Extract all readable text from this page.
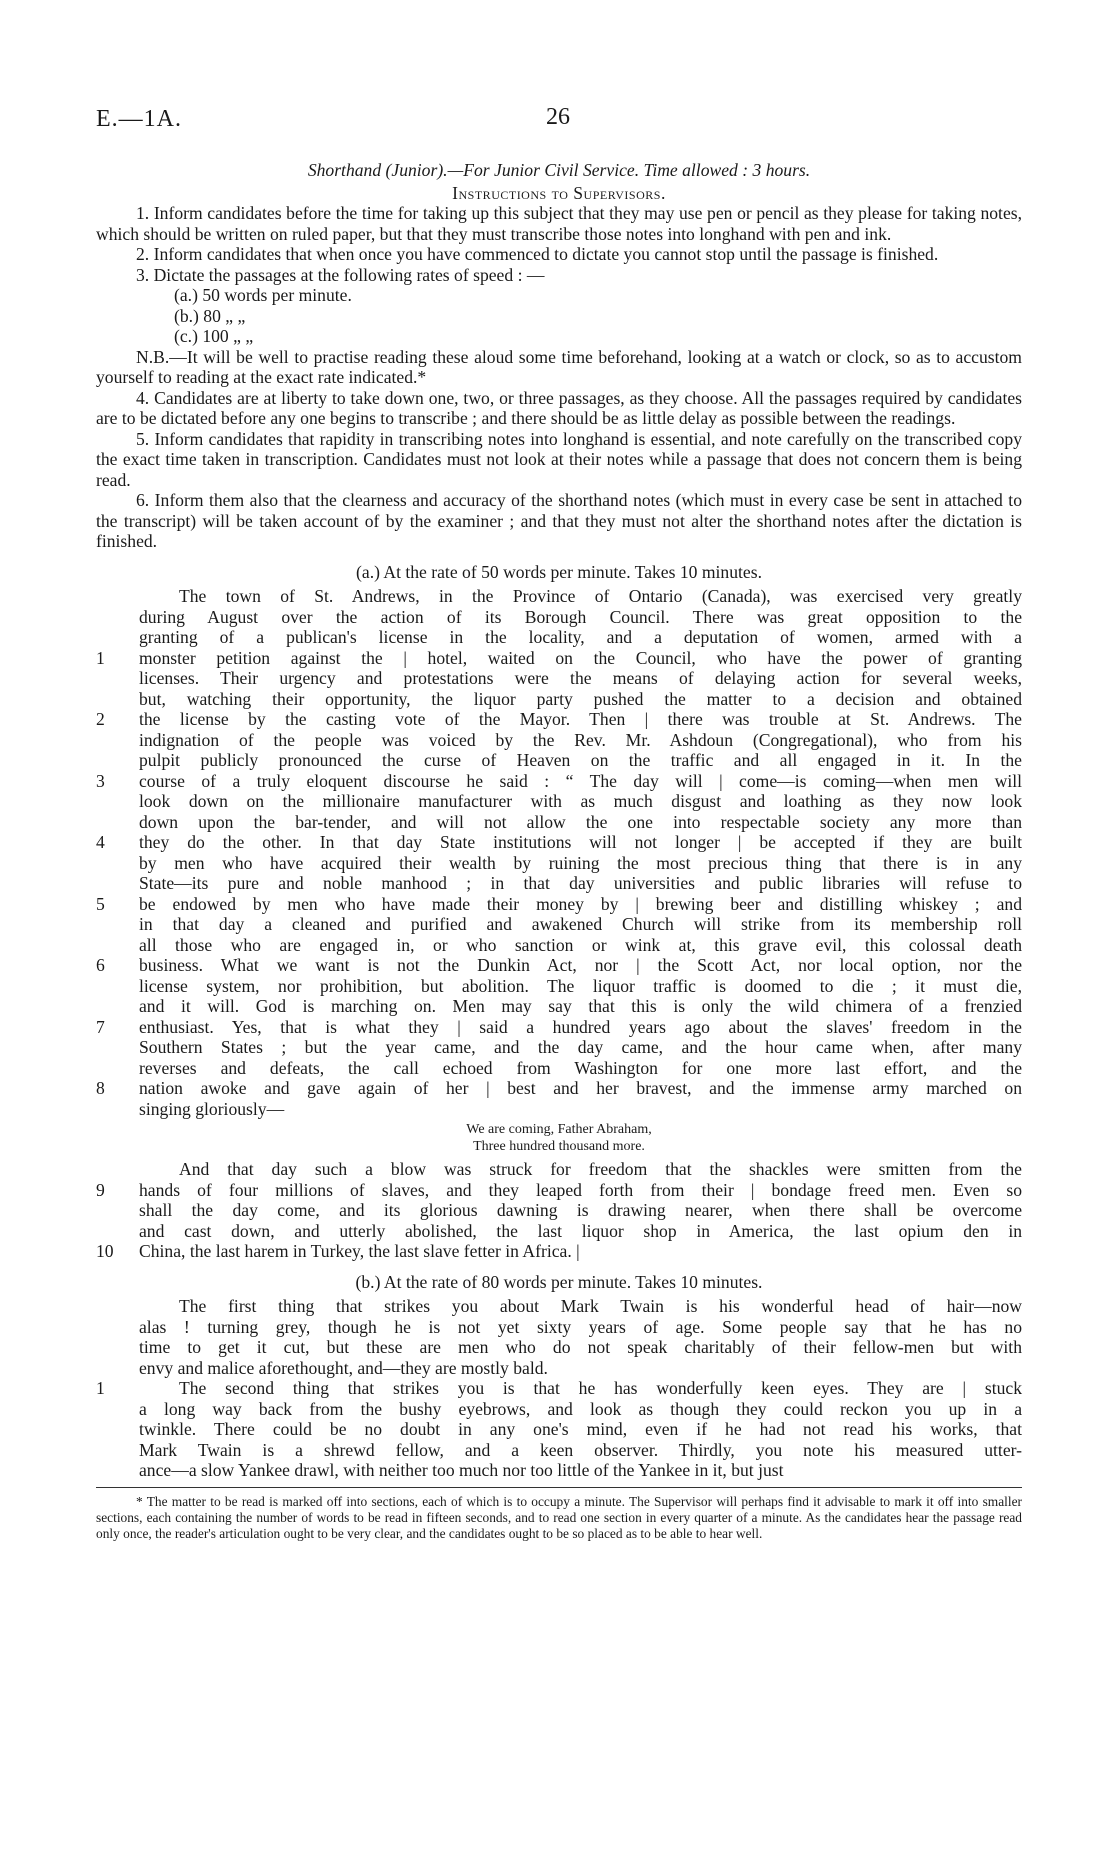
E.—1A.	26

Shorthand (Junior).—For Junior Civil Service. Time allowed : 3 hours.

Instructions to Supervisors.

1. Inform candidates before the time for taking up this subject that they may use pen or pencil as they please for taking notes, which should be written on ruled paper, but that they must transcribe those notes into longhand with pen and ink.

2. Inform candidates that when once you have commenced to dictate you cannot stop until the passage is finished.

3. Dictate the passages at the following rates of speed : —

(a.) 50 words per minute.

(b.) 80 „ „

(c.) 100 „ „

N.B.—It will be well to practise reading these aloud some time beforehand, looking at a watch or clock, so as to accustom yourself to reading at the exact rate indicated.*

4. Candidates are at liberty to take down one, two, or three passages, as they choose. All the passages required by candidates are to be dictated before any one begins to transcribe ; and there should be as little delay as possible between the readings.

5. Inform candidates that rapidity in transcribing notes into longhand is essential, and note carefully on the transcribed copy the exact time taken in transcription. Candidates must not look at their notes while a passage that does not concern them is being read.

6. Inform them also that the clearness and accuracy of the shorthand notes (which must in every case be sent in attached to the transcript) will be taken account of by the examiner ; and that they must not alter the shorthand notes after the dictation is finished.

(a.) At the rate of 50 words per minute. Takes 10 minutes.

The town of St. Andrews, in the Province of Ontario (Canada), was exercised very greatly
during August over the action of its Borough Council. There was great opposition to the
granting of a publican's license in the locality, and a deputation of women, armed with a
1	monster petition against the | hotel, waited on the Council, who have the power of granting
licenses. Their urgency and protestations were the means of delaying action for several weeks,
but, watching their opportunity, the liquor party pushed the matter to a decision and obtained
2	the license by the casting vote of the Mayor. Then | there was trouble at St. Andrews. The
indignation of the people was voiced by the Rev. Mr. Ashdoun (Congregational), who from his
pulpit publicly pronounced the curse of Heaven on the traffic and all engaged in it. In the
3	course of a truly eloquent discourse he said : “ The day will | come—is coming—when men will
look down on the millionaire manufacturer with as much disgust and loathing as they now look
down upon the bar-tender, and will not allow the one into respectable society any more than
4	they do the other. In that day State institutions will not longer | be accepted if they are built
by men who have acquired their wealth by ruining the most precious thing that there is in any
State—its pure and noble manhood ; in that day universities and public libraries will refuse to
5	be endowed by men who have made their money by | brewing beer and distilling whiskey ; and
in that day a cleaned and purified and awakened Church will strike from its membership roll
all those who are engaged in, or who sanction or wink at, this grave evil, this colossal death
6	business. What we want is not the Dunkin Act, nor | the Scott Act, nor local option, nor the
license system, nor prohibition, but abolition. The liquor traffic is doomed to die ; it must die,
and it will. God is marching on. Men may say that this is only the wild chimera of a frenzied
7	enthusiast. Yes, that is what they | said a hundred years ago about the slaves' freedom in the
Southern States ; but the year came, and the day came, and the hour came when, after many
reverses and defeats, the call echoed from Washington for one more last effort, and the
8	nation awoke and gave again of her | best and her bravest, and the immense army marched on
singing gloriously—
We are coming, Father Abraham,
Three hundred thousand more.
And that day such a blow was struck for freedom that the shackles were smitten from the
9	hands of four millions of slaves, and they leaped forth from their | bondage freed men. Even so
shall the day come, and its glorious dawning is drawing nearer, when there shall be overcome
and cast down, and utterly abolished, the last liquor shop in America, the last opium den in
10 China, the last harem in Turkey, the last slave fetter in Africa. |

(b.) At the rate of 80 words per minute. Takes 10 minutes.

The first thing that strikes you about Mark Twain is his wonderful head of hair—now
alas ! turning grey, though he is not yet sixty years of age. Some people say that he has no
time to get it cut, but these are men who do not speak charitably of their fellow-men but with
envy and malice aforethought, and—they are mostly bald.
1	The second thing that strikes you is that he has wonderfully keen eyes. They are | stuck
a long way back from the bushy eyebrows, and look as though they could reckon you up in a
twinkle. There could be no doubt in any one's mind, even if he had not read his works, that
Mark Twain is a shrewd fellow, and a keen observer. Thirdly, you note his measured utter-
ance—a slow Yankee drawl, with neither too much nor too little of the Yankee in it, but just

* The matter to be read is marked off into sections, each of which is to occupy a minute. The Supervisor will perhaps find it advisable to mark it off into smaller sections, each containing the number of words to be read in fifteen seconds, and to read one section in every quarter of a minute. As the candidates hear the passage read only once, the reader's articulation ought to be very clear, and the candidates ought to be so placed as to be able to hear well.
